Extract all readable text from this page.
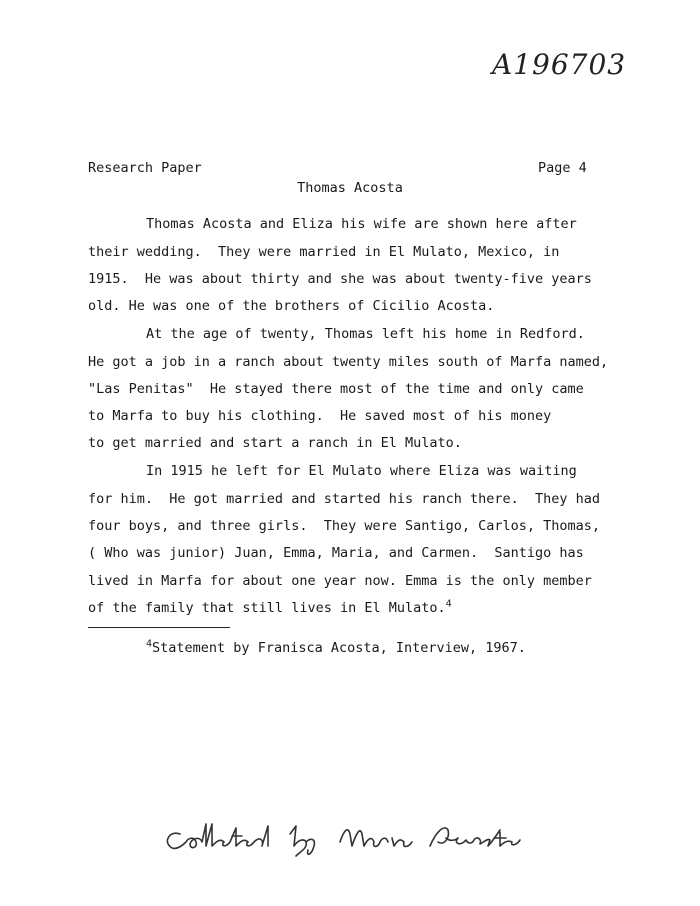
A196703
Research Paper	Page 4
Thomas Acosta
Thomas Acosta and Eliza his wife are shown here after
their wedding.  They were married in El Mulato, Mexico, in
1915.  He was about thirty and she was about twenty-five years
old. He was one of the brothers of Cicilio Acosta.
At the age of twenty, Thomas left his home in Redford.
He got a job in a ranch about twenty miles south of Marfa named,
"Las Penitas"  He stayed there most of the time and only came
to Marfa to buy his clothing.  He saved most of his money
to get married and start a ranch in El Mulato.
In 1915 he left for El Mulato where Eliza was waiting
for him.  He got married and started his ranch there.  They had
four boys, and three girls.  They were Santigo, Carlos, Thomas,
( Who was junior) Juan, Emma, Maria, and Carmen.  Santigo has
lived in Marfa for about one year now. Emma is the only member
of the family that still lives in El Mulato.$^4$
$^4$Statement by Franisca Acosta, Interview, 1967.
